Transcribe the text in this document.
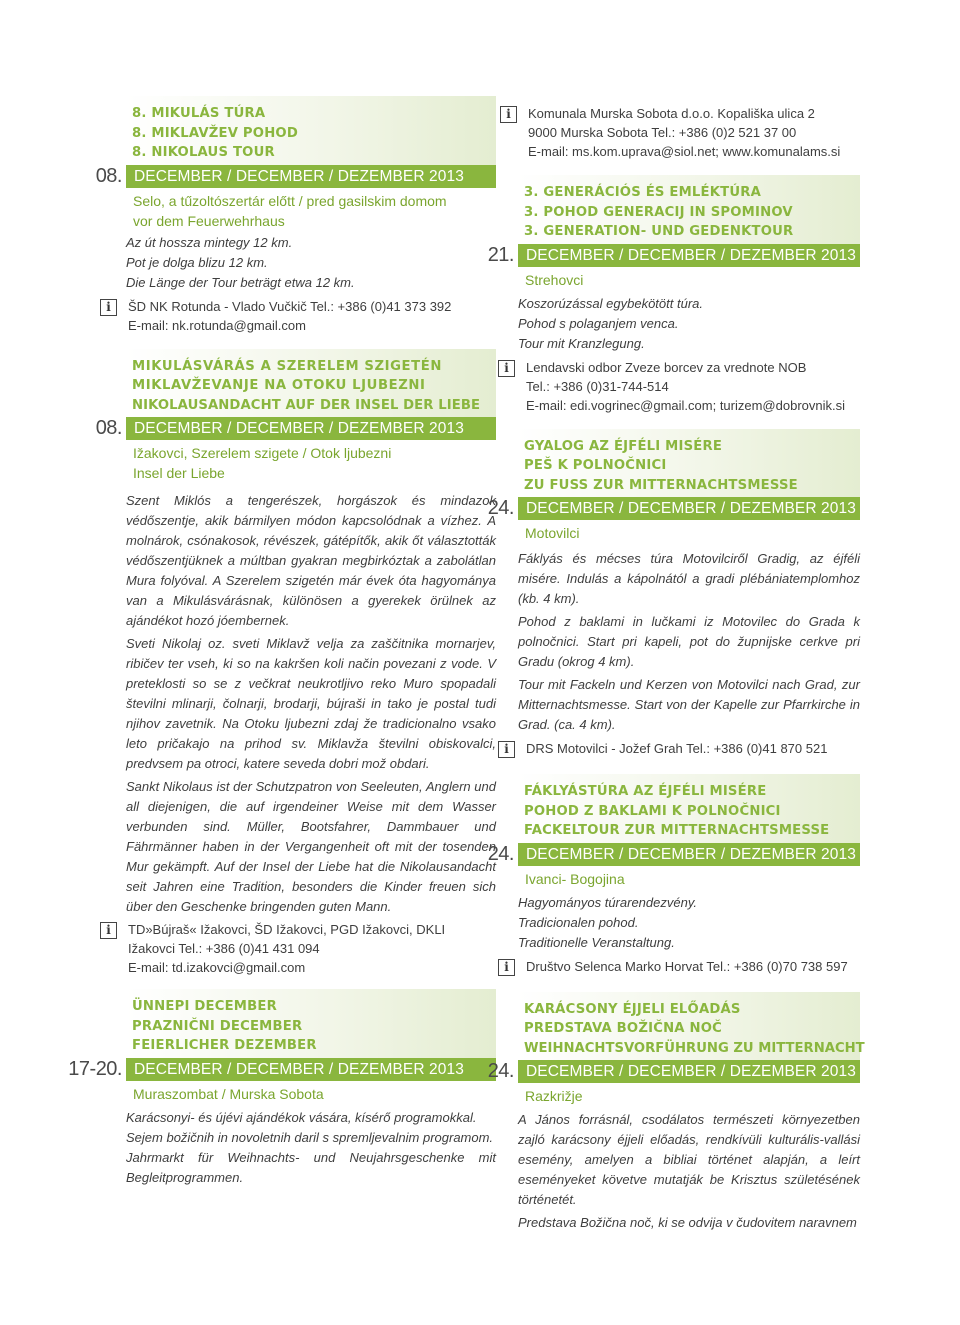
8. MIKULÁS TÚRA
8. MIKLAVŽEV POHOD
8. NIKOLAUS TOUR
08. DECEMBER / DECEMBER / DEZEMBER 2013
Selo, a tűzoltószertár előtt / pred gasilskim domom
vor dem Feuerwehrhaus
Az út hossza mintegy 12 km.
Pot je dolga blizu 12 km.
Die Länge der Tour beträgt etwa 12 km.
i	ŠD NK Rotunda - Vlado Vučkič Tel.: +386 (0)41 373 392
E-mail: nk.rotunda@gmail.com
MIKULÁSVÁRÁS A SZERELEM SZIGETÉN
MIKLAVŽEVANJE NA OTOKU LJUBEZNI
NIKOLAUSANDACHT AUF DER INSEL DER LIEBE
08. DECEMBER / DECEMBER / DEZEMBER 2013
Ižakovci, Szerelem szigete / Otok ljubezni
Insel der Liebe

Szent Miklós a tengerészek, horgászok és mindazok védőszentje, akik bármilyen módon kapcsolódnak a vízhez. A molnárok, csónakosok, révészek, gátépítők, akik őt választották védőszentjüknek a múltban gyakran megbirkóztak a zabolátlan Mura folyóval. A Szerelem szigetén már évek óta hagyománya van a Mikulásvárásnak, különösen a gyerekek örülnek az ajándékot hozó jóembernek.

Sveti Nikolaj oz. sveti Miklavž velja za zaščitnika mornarjev, ribičev ter vseh, ki so na kakršen koli način povezani z vode. V preteklosti so se z večkrat neukrotljivo reko Muro spopadali številni mlinarji, čolnarji, brodarji, bújraši in tako je postal tudi njihov zavetnik. Na Otoku ljubezni zdaj že tradicionalno vsako leto pričakajo na prihod sv. Miklavža številni obiskovalci, predvsem pa otroci, katere seveda dobri mož obdari.

Sankt Nikolaus ist der Schutzpatron von Seeleuten, Anglern und all diejenigen, die auf irgendeiner Weise mit dem Wasser verbunden sind. Müller, Bootsfahrer, Dammbauer und Fährmänner haben in der Vergangenheit oft mit der tosenden Mur gekämpft. Auf der Insel der Liebe hat die Nikolausandacht seit Jahren eine Tradition, besonders die Kinder freuen sich über den Geschenke bringenden guten Mann.

i	TD»Bújraš« Ižakovci, ŠD Ižakovci, PGD Ižakovci, DKLI
Ižakovci Tel.: +386 (0)41 431 094
E-mail: td.izakovci@gmail.com
ÜNNEPI DECEMBER
PRAZNIČNI DECEMBER
FEIERLICHER DEZEMBER
17-20. DECEMBER / DECEMBER / DEZEMBER 2013
Muraszombat / Murska Sobota
Karácsonyi- és újévi ajándékok vására, kísérő programokkal.
Sejem božičnih in novoletnih daril s spremljevalnim programom.
Jahrmarkt für Weihnachts- und Neujahrsgeschenke mit Begleitprogrammen.
i	Komunala Murska Sobota d.o.o. Kopališka ulica 2
9000 Murska Sobota Tel.: +386 (0)2 521 37 00
E-mail: ms.kom.uprava@siol.net; www.komunalams.si
3. GENERÁCIÓS ÉS EMLÉKTÚRA
3. POHOD GENERACIJ IN SPOMINOV
3. GENERATION- UND GEDENKTOUR
21. DECEMBER / DECEMBER / DEZEMBER 2013
Strehovci
Koszorúzással egybekötött túra.
Pohod s polaganjem venca.
Tour mit Kranzlegung.
i	Lendavski odbor Zveze borcev za vrednote NOB
Tel.: +386 (0)31-744-514
E-mail: edi.vogrinec@gmail.com; turizem@dobrovnik.si
GYALOG AZ ÉJFÉLI MISÉRE
PEŠ K POLNOČNICI
ZU FUSS ZUR MITTERNACHTSMESSE
24. DECEMBER / DECEMBER / DEZEMBER 2013
Motovilci

Fáklyás és mécses túra Motovilciről Gradig, az éjféli misére. Indulás a kápolnától a gradi plébániatemplomhoz (kb. 4 km).

Pohod z baklami in lučkami iz Motovilec do Grada k polnočnici. Start pri kapeli, pot do župnijske cerkve pri Gradu (okrog 4 km).

Tour mit Fackeln und Kerzen von Motovilci nach Grad, zur Mitternachtsmesse. Start von der Kapelle zur Pfarrkirche in Grad. (ca. 4 km).

i	DRS Motovilci - Jožef Grah Tel.: +386 (0)41 870 521
FÁKLYÁSTÚRA AZ ÉJFÉLI MISÉRE
POHOD Z BAKLAMI K POLNOČNICI
FACKELTOUR ZUR MITTERNACHTSMESSE
24. DECEMBER / DECEMBER / DEZEMBER 2013
Ivanci- Bogojina
Hagyományos túrarendezvény.
Tradicionalen pohod.
Traditionelle Veranstaltung.
i	Društvo Selenca Marko Horvat Tel.: +386 (0)70 738 597
KARÁCSONY ÉJJELI ELŐADÁS
PREDSTAVA BOŽIČNA NOČ
WEIHNACHTSVORFÜHRUNG ZU MITTERNACHT
24. DECEMBER / DECEMBER / DEZEMBER 2013
Razkrižje

A János forrásnál, csodálatos természeti környezetben zajló karácsony éjjeli előadás, rendkívüli kulturális-vallási esemény, amelyen a bibliai történet alapján, a leírt eseményeket követve mutatják be Krisztus születésének történetét.

Predstava Božična noč, ki se odvija v čudovitem naravnem
